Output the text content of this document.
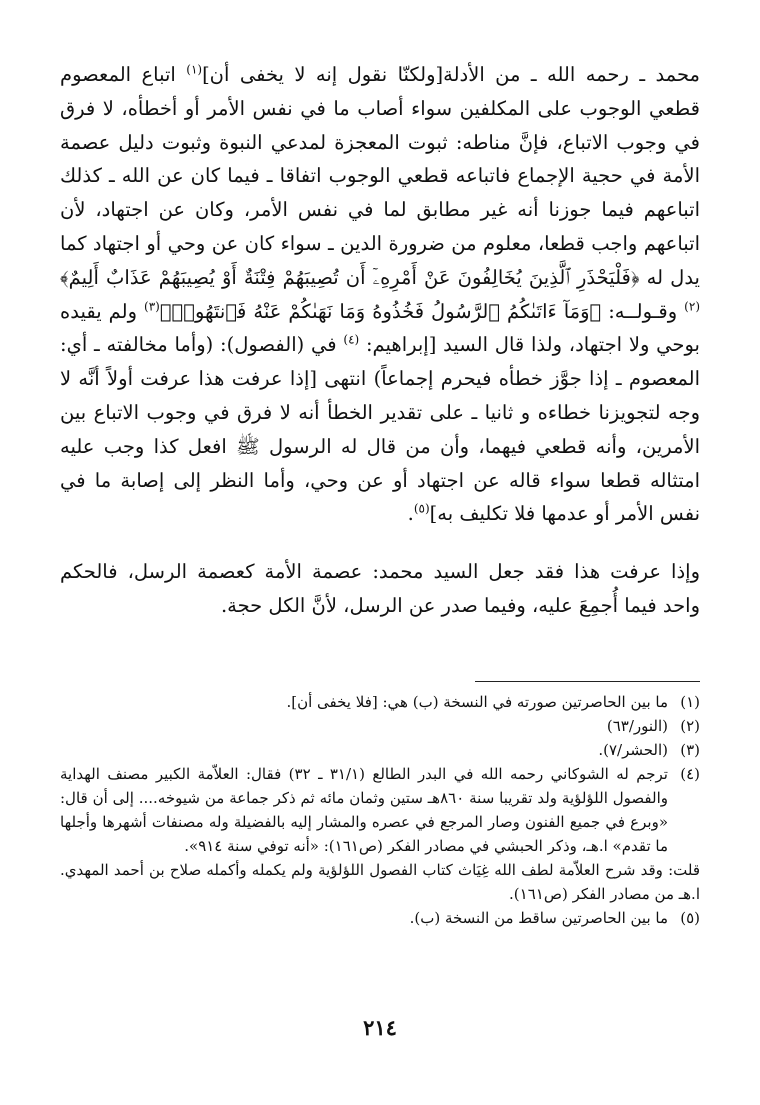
محمد ـ رحمه الله ـ من الأدلة[ولكنّا نقول إنه لا يخفى أن]$^{(١)}$ اتباع المعصوم قطعي الوجوب على المكلفين سواء أصاب ما في نفس الأمر أو أخطأه، لا فرق في وجوب الاتباع، فإنَّ مناطه: ثبوت المعجزة لمدعي النبوة وثبوت دليل عصمة الأمة في حجية الإجماع فاتباعه قطعي الوجوب اتفاقا ـ فيما كان عن الله ـ كذلك اتباعهم فيما جوزنا أنه غير مطابق لما في نفس الأمر، وكان عن اجتهاد، لأن اتباعهم واجب قطعا، معلوم من ضرورة الدين ـ سواء كان عن وحي أو اجتهاد كما يدل له ﴿فَلْيَحْذَرِ ٱلَّذِينَ يُخَالِفُونَ عَنْ أَمْرِهِۦٓ أَن تُصِيبَهُمْ فِتْنَةٌ أَوْ يُصِيبَهُمْ عَذَابٌ أَلِيمٌ﴾$^{(٢)}$ وقـولــه: ﴿وَمَآ ءَاتَىٰكُمُ ٱلرَّسُولُ فَخُذُوهُ وَمَا نَهَىٰكُمْ عَنْهُ فَٱنتَهُوا۟﴾$^{(٣)}$ ولم يقيده بوحي ولا اجتهاد، ولذا قال السيد [إبراهيم: $^{(٤)}$ في (الفصول): (وأما مخالفته ـ أي: المعصوم ـ إذا جوَّز خطأه فيحرم إجماعاً) انتهى [إذا عرفت هذا عرفت أولاً أنَّه لا وجه لتجويزنا خطاءه و ثانيا ـ على تقدير الخطأ أنه لا فرق في وجوب الاتباع بين الأمرين، وأنه قطعي فيهما، وأن من قال له الرسول ﷺ افعل كذا وجب عليه امتثاله قطعا سواء قاله عن اجتهاد أو عن وحي، وأما النظر إلى إصابة ما في نفس الأمر أو عدمها فلا تكليف به]$^{(٥)}$.

وإذا عرفت هذا فقد جعل السيد محمد: عصمة الأمة كعصمة الرسل، فالحكم واحد فيما أُجمِعَ عليه، وفيما صدر عن الرسل، لأنَّ الكل حجة.

(١)
ما بين الحاصرتين صورته في النسخة (ب) هي: [فلا يخفى أن].
(٢)
(النور/٦٣)
(٣)
(الحشر/٧).
(٤)
ترجم له الشوكاني رحمه الله في البدر الطالع (٣١/١ ـ ٣٢) فقال: العلاّمة الكبير مصنف الهداية والفصول اللؤلؤية ولد تقريبا سنة ٨٦٠هـ ستين وثمان مائه ثم ذكر جماعة من شيوخه.... إلى أن قال: «وبرع في جميع الفنون وصار المرجع في عصره والمشار إليه بالفضيلة وله مصنفات أشهرها وأجلها ما تقدم» ا.هـ، وذكر الحبشي في مصادر الفكر (ص١٦١): «أنه توفي سنة ٩١٤».
قلت: وقد شرح العلاّمة لطف الله غِيَاث كتاب الفصول اللؤلؤية ولم يكمله وأكمله صلاح بن أحمد المهدي. ا.هـ من مصادر الفكر (ص١٦١).
(٥)
ما بين الحاصرتين ساقط من النسخة (ب).
٢١٤
